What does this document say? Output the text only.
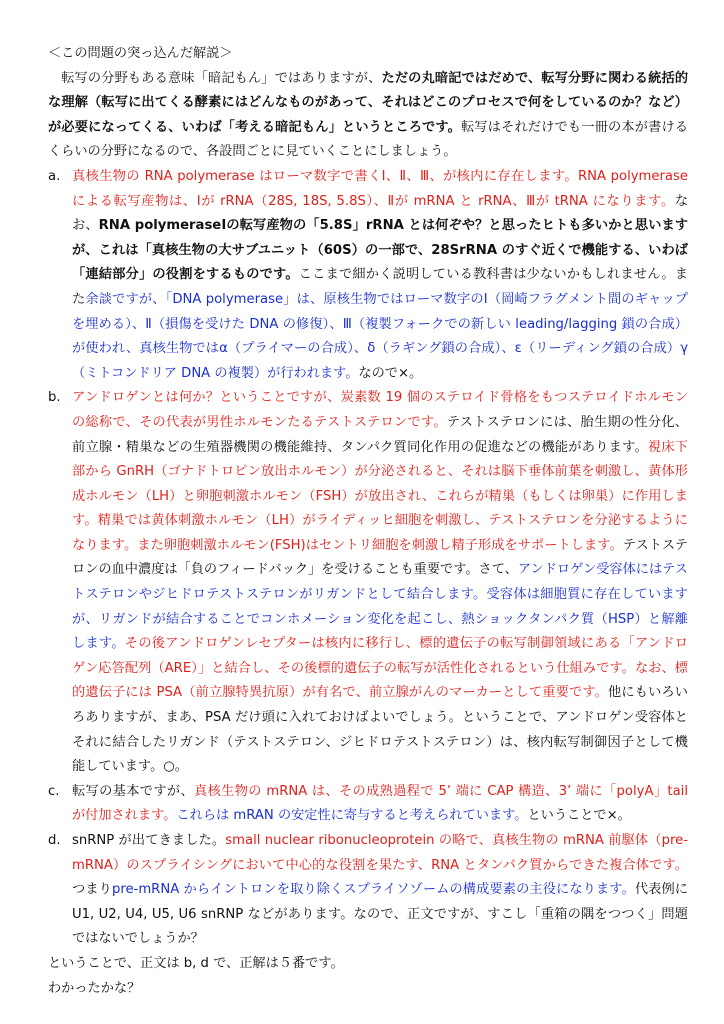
＜この問題の突っ込んだ解説＞

転写の分野もある意味「暗記もん」ではありますが、ただの丸暗記ではだめで、転写分野に関わる統括的な理解（転写に出てくる酵素にはどんなものがあって、それはどこのプロセスで何をしているのか？など）が必要になってくる、いわば「考える暗記もん」というところです。転写はそれだけでも一冊の本が書けるくらいの分野になるので、各設問ごとに見ていくことにしましょう。

a. 真核生物の RNA polymerase はローマ数字で書くⅠ、Ⅱ、Ⅲ、が核内に存在します。RNA polymerase による転写産物は、Ⅰが rRNA（28S, 18S, 5.8S）、Ⅱが mRNA と rRNA、Ⅲが tRNA になります。なお、RNA polymeraseⅠの転写産物の「5.8S」rRNA とは何ぞや？と思ったヒトも多いかと思いますが、これは「真核生物の大サブユニット（60S）の一部で、28SrRNA のすぐ近くで機能する、いわば「連結部分」の役割をするものです。ここまで細かく説明している教科書は少ないかもしれません。また余談ですが、「DNA polymerase」は、原核生物ではローマ数字のⅠ（岡崎フラグメント間のギャップを埋める）、Ⅱ（損傷を受けた DNA の修復）、Ⅲ（複製フォークでの新しい leading/lagging 鎖の合成）が使われ、真核生物ではα（プライマーの合成）、δ（ラギング鎖の合成）、ε（リーディング鎖の合成）γ（ミトコンドリア DNA の複製）が行われます。なので×。

b. アンドロゲンとは何か？ということですが、炭素数 19 個のステロイド骨格をもつステロイドホルモンの総称で、その代表が男性ホルモンたるテストステロンです。テストステロンには、胎生期の性分化、前立腺・精巣などの生殖器機関の機能維持、タンパク質同化作用の促進などの機能があります。視床下部から GnRH（ゴナドトロピン放出ホルモン）が分泌されると、それは脳下垂体前葉を刺激し、黄体形成ホルモン（LH）と卵胞刺激ホルモン（FSH）が放出され、これらが精巣（もしくは卵巣）に作用します。精巣では黄体刺激ホルモン（LH）がライディッヒ細胞を刺激し、テストステロンを分泌するようになります。また卵胞刺激ホルモン(FSH)はセントリ細胞を刺激し精子形成をサポートします。テストステロンの血中濃度は「負のフィードバック」を受けることも重要です。さて、アンドロゲン受容体にはテストステロンやジヒドロテストステロンがリガンドとして結合します。受容体は細胞質に存在していますが、リガンドが結合することでコンホメーション変化を起こし、熱ショックタンパク質（HSP）と解離します。その後アンドロゲンレセプターは核内に移行し、標的遺伝子の転写制御領域にある「アンドロゲン応答配列（ARE）」と結合し、その後標的遺伝子の転写が活性化されるという仕組みです。なお、標的遺伝子には PSA（前立腺特異抗原）が有名で、前立腺がんのマーカーとして重要です。他にもいろいろありますが、まあ、PSA だけ頭に入れておけばよいでしょう。ということで、アンドロゲン受容体とそれに結合したリガンド（テストステロン、ジヒドロテストステロン）は、核内転写制御因子として機能しています。○。

c. 転写の基本ですが、真核生物の mRNA は、その成熟過程で 5’ 端に CAP 構造、3’ 端に「polyA」tail が付加されます。これらは mRAN の安定性に寄与すると考えられています。ということで×。

d. snRNP が出てきました。small nuclear ribonucleoprotein の略で、真核生物の mRNA 前駆体（pre-mRNA）のスプライシングにおいて中心的な役割を果たす、RNA とタンパク質からできた複合体です。つまりpre-mRNA からイントロンを取り除くスプライソゾームの構成要素の主役になります。代表例に U1, U2, U4, U5, U6 snRNP などがあります。なので、正文ですが、すこし「重箱の隅をつつく」問題ではないでしょうか？

ということで、正文は b, d で、正解は５番です。

わかったかな？
